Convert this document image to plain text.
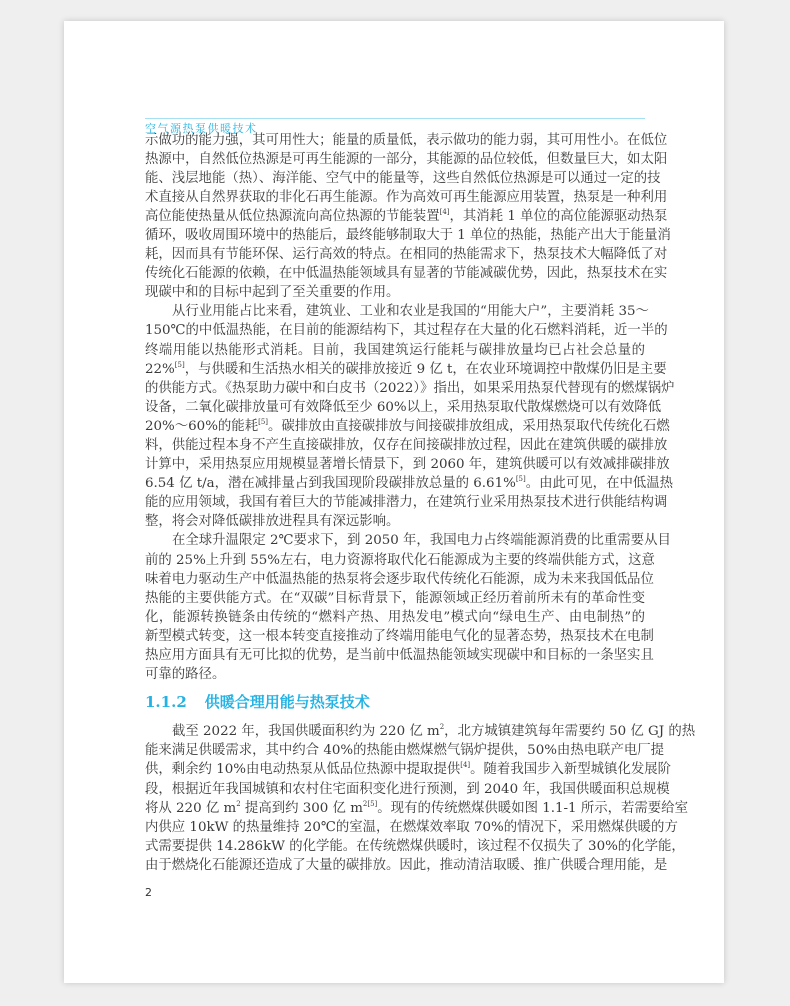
空气源热泵供暖技术
示做功的能力强，其可用性大；能量的质量低，表示做功的能力弱，其可用性小。在低位
热源中，自然低位热源是可再生能源的一部分，其能源的品位较低，但数量巨大，如太阳
能、浅层地能（热）、海洋能、空气中的能量等，这些自然低位热源是可以通过一定的技
术直接从自然界获取的非化石再生能源。作为高效可再生能源应用装置，热泵是一种利用
高位能使热量从低位热源流向高位热源的节能装置[4]，其消耗 1 单位的高位能源驱动热泵
循环，吸收周围环境中的热能后，最终能够制取大于 1 单位的热能，热能产出大于能量消
耗，因而具有节能环保、运行高效的特点。在相同的热能需求下，热泵技术大幅降低了对
传统化石能源的依赖，在中低温热能领域具有显著的节能减碳优势，因此，热泵技术在实
现碳中和的目标中起到了至关重要的作用。
从行业用能占比来看，建筑业、工业和农业是我国的“用能大户”，主要消耗 35～
150℃的中低温热能，在目前的能源结构下，其过程存在大量的化石燃料消耗，近一半的
终端用能以热能形式消耗。目前，我国建筑运行能耗与碳排放量均已占社会总量的
22%[5]，与供暖和生活热水相关的碳排放接近 9 亿 t，在农业环境调控中散煤仍旧是主要
的供能方式。《热泵助力碳中和白皮书（2022）》指出，如果采用热泵代替现有的燃煤锅炉
设备，二氧化碳排放量可有效降低至少 60%以上，采用热泵取代散煤燃烧可以有效降低
20%～60%的能耗[5]。碳排放由直接碳排放与间接碳排放组成，采用热泵取代传统化石燃
料，供能过程本身不产生直接碳排放，仅存在间接碳排放过程，因此在建筑供暖的碳排放
计算中，采用热泵应用规模显著增长情景下，到 2060 年，建筑供暖可以有效减排碳排放
6.54 亿 t/a，潜在减排量占到我国现阶段碳排放总量的 6.61%[5]。由此可见，在中低温热
能的应用领域，我国有着巨大的节能减排潜力，在建筑行业采用热泵技术进行供能结构调
整，将会对降低碳排放进程具有深远影响。
在全球升温限定 2℃要求下，到 2050 年，我国电力占终端能源消费的比重需要从目
前的 25%上升到 55%左右，电力资源将取代化石能源成为主要的终端供能方式，这意
味着电力驱动生产中低温热能的热泵将会逐步取代传统化石能源，成为未来我国低品位
热能的主要供能方式。在“双碳”目标背景下，能源领域正经历着前所未有的革命性变
化，能源转换链条由传统的“燃料产热、用热发电”模式向“绿电生产、由电制热”的
新型模式转变，这一根本转变直接推动了终端用能电气化的显著态势，热泵技术在电制
热应用方面具有无可比拟的优势，是当前中低温热能领域实现碳中和目标的一条坚实且
可靠的路径。
1.1.2 供暖合理用能与热泵技术
截至 2022 年，我国供暖面积约为 220 亿 $m^2$，北方城镇建筑每年需要约 50 亿 GJ 的热
能来满足供暖需求，其中约合 40%的热能由燃煤燃气锅炉提供，50%由热电联产电厂提
供，剩余约 10%由电动热泵从低品位热源中提取提供[4]。随着我国步入新型城镇化发展阶
段，根据近年我国城镇和农村住宅面积变化进行预测，到 2040 年，我国供暖面积总规模
将从 220 亿 $m^2$ 提高到约 300 亿 $m^{2[5]}$。现有的传统燃煤供暖如图 1.1-1 所示，若需要给室
内供应 10kW 的热量维持 20℃的室温，在燃煤效率取 70%的情况下，采用燃煤供暖的方
式需要提供 14.286kW 的化学能。在传统燃煤供暖时，该过程不仅损失了 30%的化学能，
由于燃烧化石能源还造成了大量的碳排放。因此，推动清洁取暖、推广供暖合理用能，是
2
